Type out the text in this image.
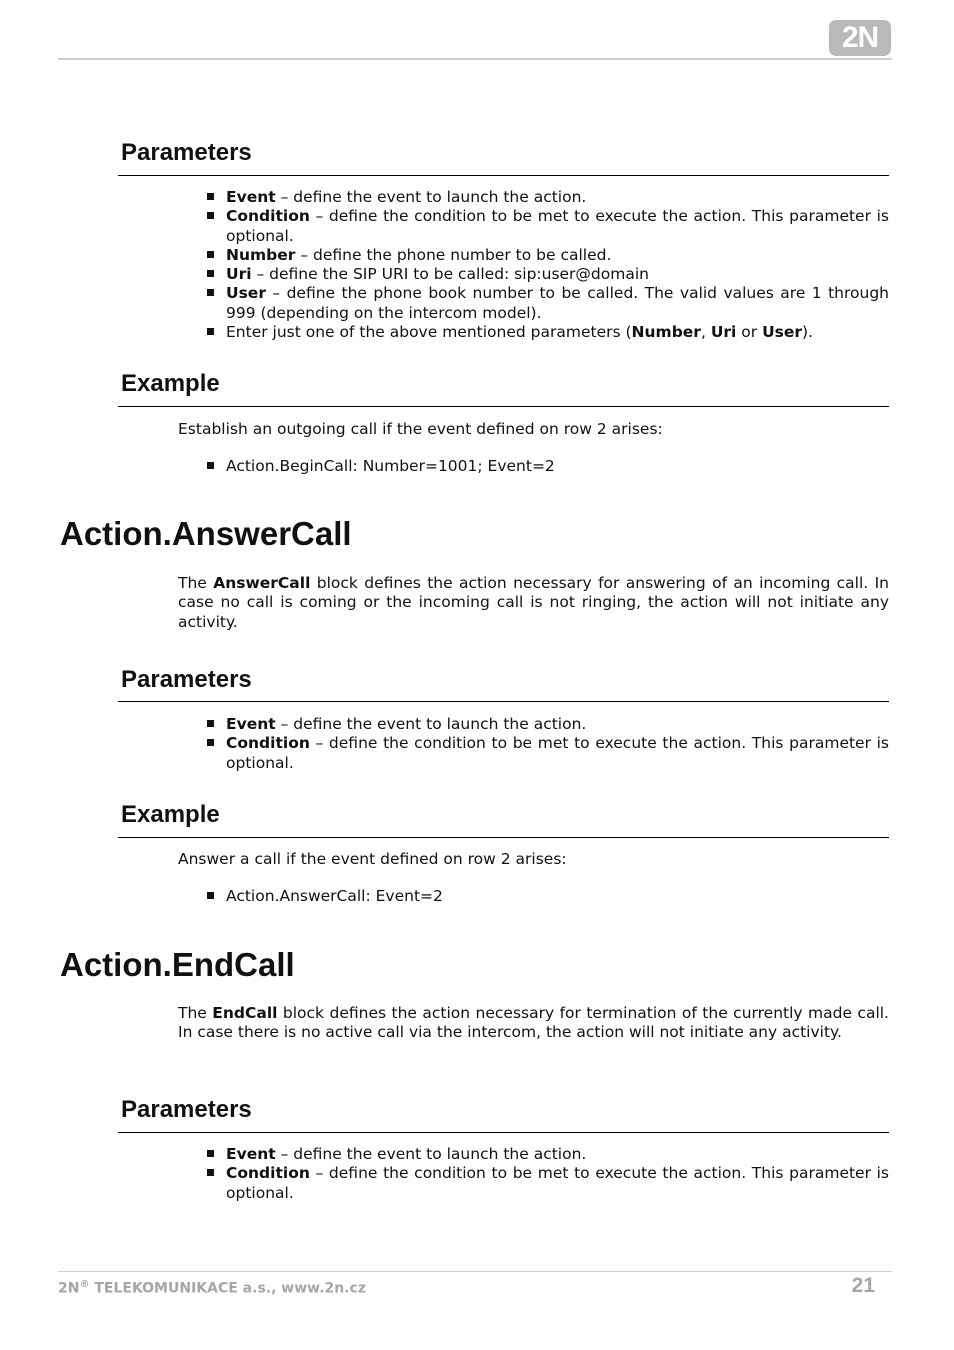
2N
Parameters
Event – define the event to launch the action.
Condition – define the condition to be met to execute the action. This parameter is optional.
Number – define the phone number to be called.
Uri – define the SIP URI to be called: sip:user@domain
User – define the phone book number to be called. The valid values are 1 through 999 (depending on the intercom model).
Enter just one of the above mentioned parameters (Number, Uri or User).
Example

Establish an outgoing call if the event defined on row 2 arises:

Action.BeginCall: Number=1001; Event=2
Action.AnswerCall

The AnswerCall block defines the action necessary for answering of an incoming call. In case no call is coming or the incoming call is not ringing, the action will not initiate any activity.

Parameters
Event – define the event to launch the action.
Condition – define the condition to be met to execute the action. This parameter is optional.
Example

Answer a call if the event defined on row 2 arises:

Action.AnswerCall: Event=2
Action.EndCall

The EndCall block defines the action necessary for termination of the currently made call. In case there is no active call via the intercom, the action will not initiate any activity.

Parameters
Event – define the event to launch the action.
Condition – define the condition to be met to execute the action. This parameter is optional.
2N® TELEKOMUNIKACE a.s., www.2n.cz	21
